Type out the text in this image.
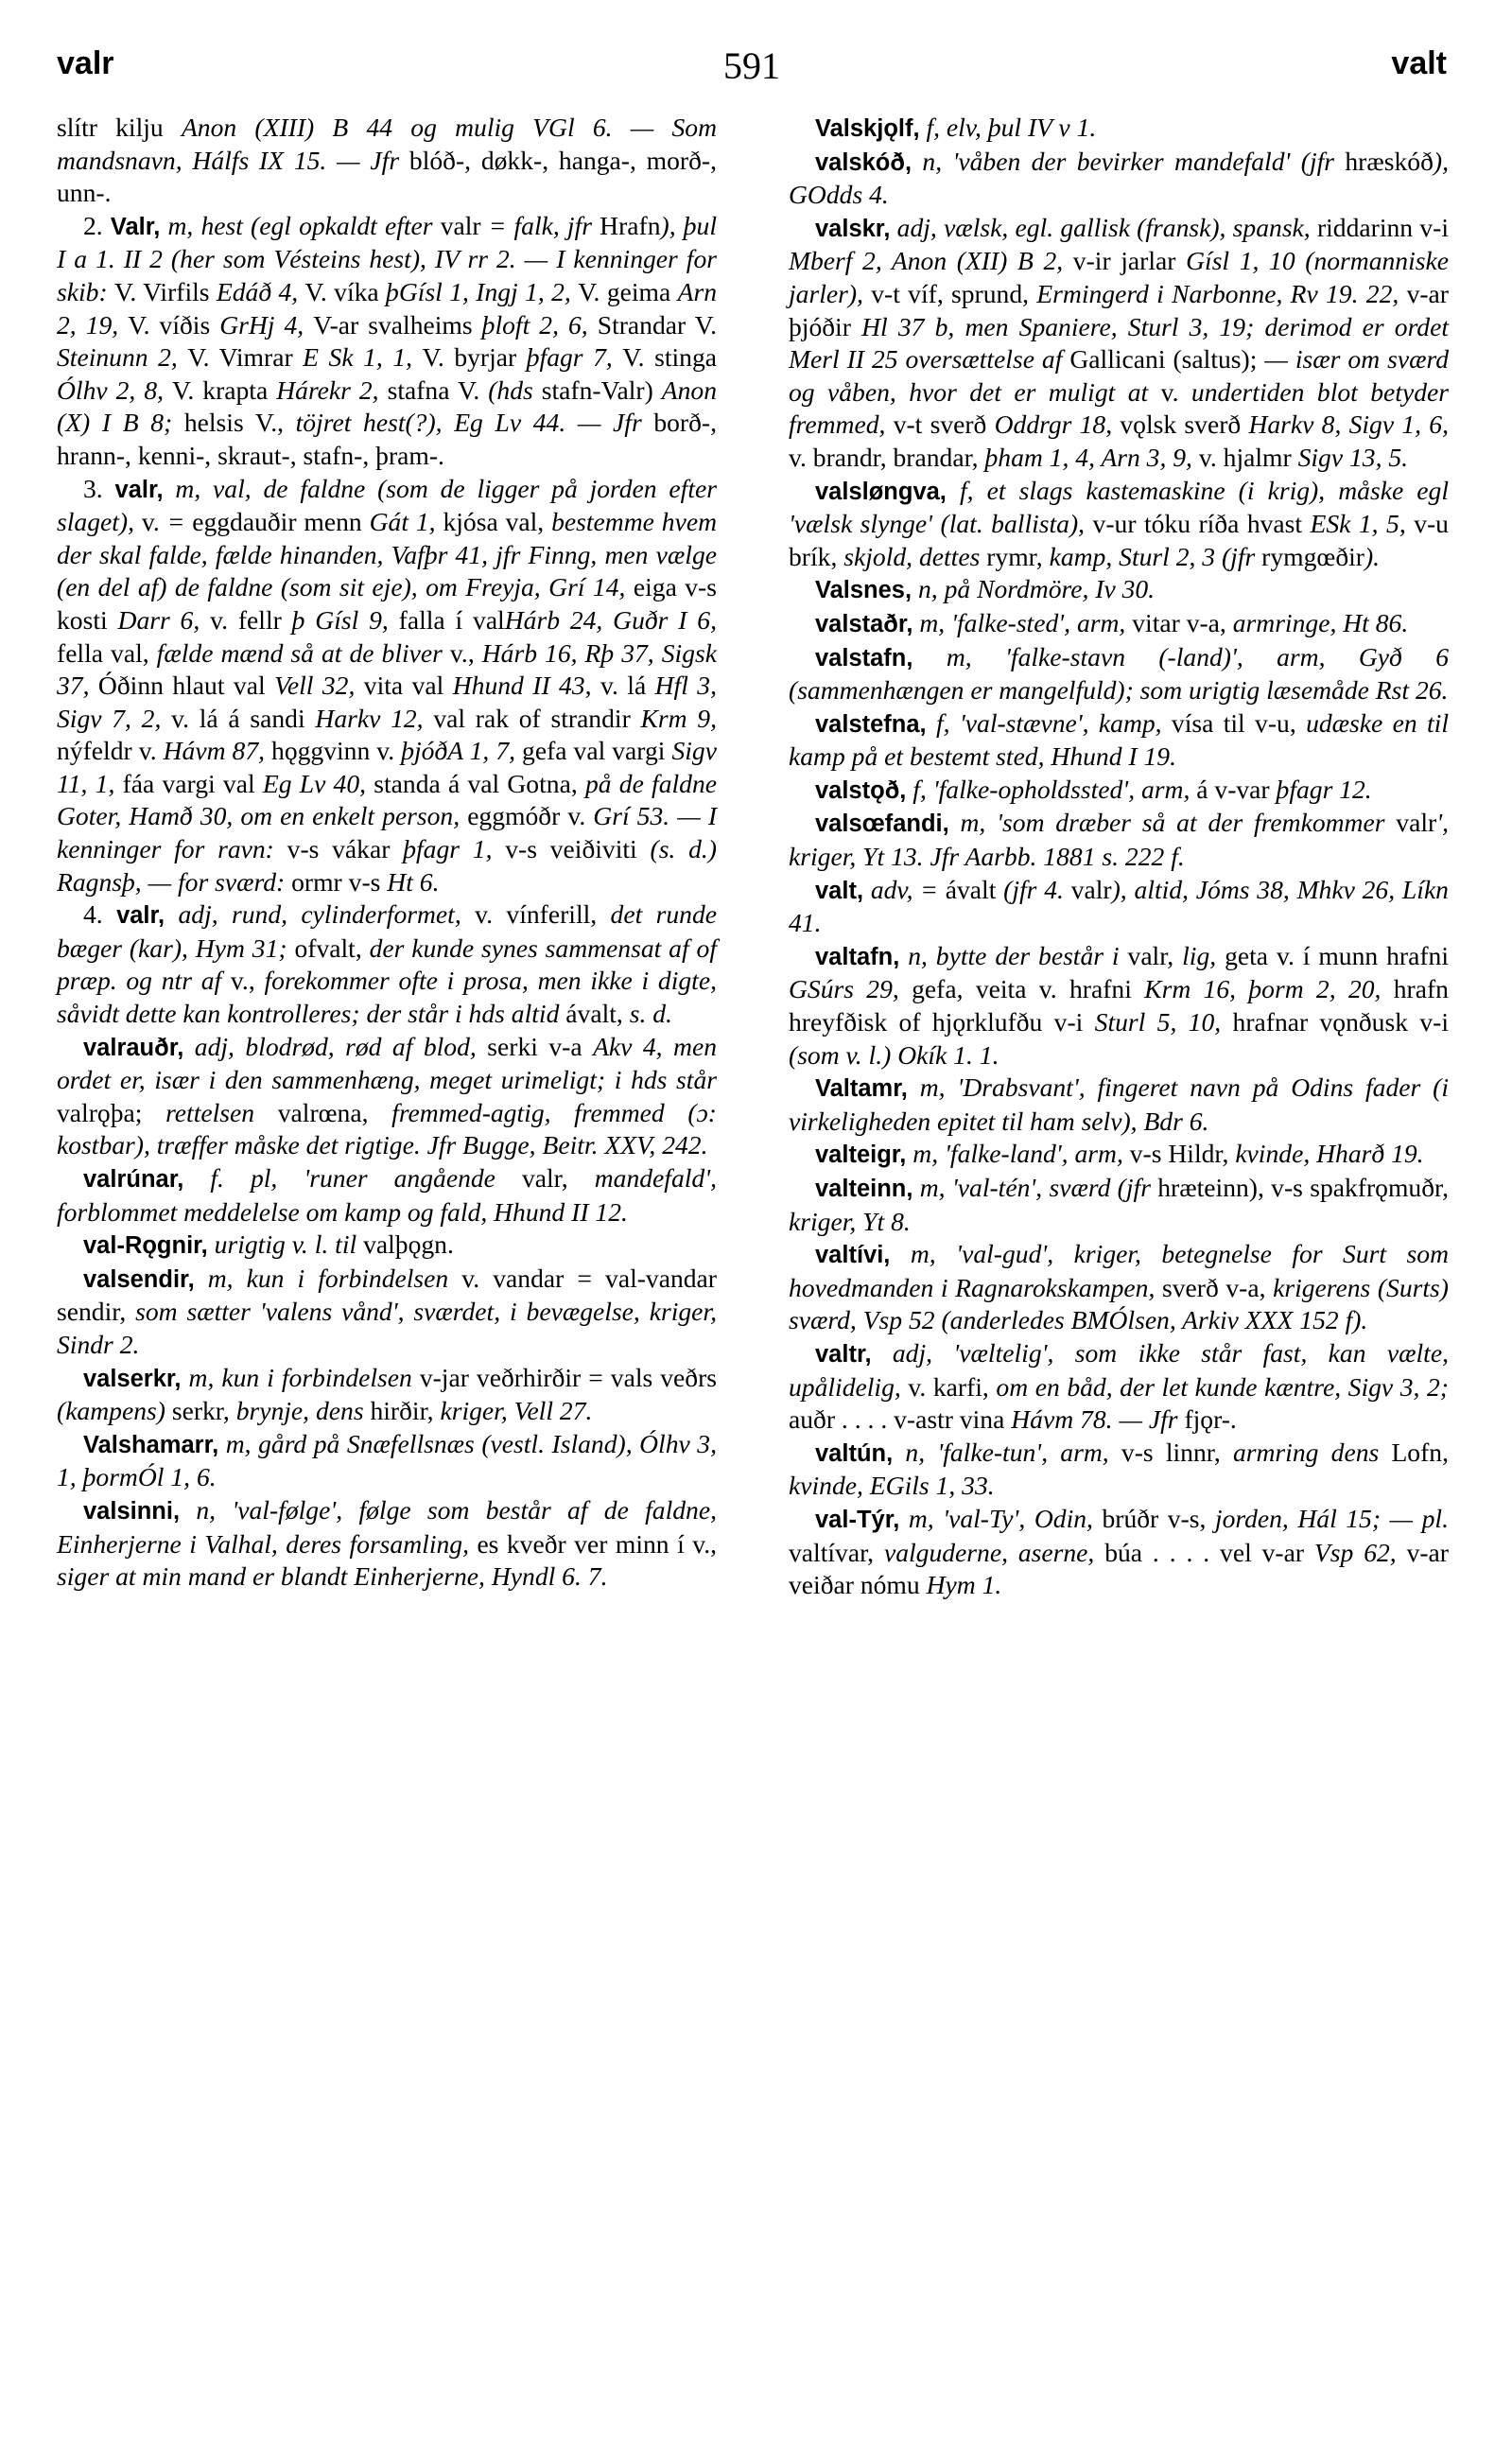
valr	591	valt

slítr kilju Anon (XIII) B 44 og mulig VGl 6. — Som mandsnavn, Hálfs IX 15. — Jfr blóð-, døkk-, hanga-, morð-, unn-.

2. Valr, m, hest (egl opkaldt efter valr = falk, jfr Hrafn), þul I a 1. II 2 (her som Vésteins hest), IV rr 2. — I kenninger for skib: V. Virfils Edáð 4, V. víka þGísl 1, Ingj 1, 2, V. geima Arn 2, 19, V. víðis GrHj 4, V-ar svalheims þloft 2, 6, Strandar V. Steinunn 2, V. Vimrar E Sk 1, 1, V. byrjar þfagr 7, V. stinga Ólhv 2, 8, V. krapta Hárekr 2, stafna V. (hds stafn-Valr) Anon (X) I B 8; helsis V., töjret hest(?), Eg Lv 44. — Jfr borð-, hrann-, kenni-, skraut-, stafn-, þram-.

3. valr, m, val, de faldne (som de ligger på jorden efter slaget), v. = eggdauðir menn Gát 1, kjósa val, bestemme hvem der skal falde, fælde hinanden, Vafþr 41, jfr Finng, men vælge (en del af) de faldne (som sit eje), om Freyja, Grí 14, eiga v-s kosti Darr 6, v. fellr þ Gísl 9, falla í valHárb 24, Guðr I 6, fella val, fælde mænd så at de bliver v., Hárb 16, Rþ 37, Sigsk 37, Óðinn hlaut val Vell 32, vita val Hhund II 43, v. lá Hfl 3, Sigv 7, 2, v. lá á sandi Harkv 12, val rak of strandir Krm 9, nýfeldr v. Hávm 87, hǫggvinn v. þjóðA 1, 7, gefa val vargi Sigv 11, 1, fáa vargi val Eg Lv 40, standa á val Gotna, på de faldne Goter, Hamð 30, om en enkelt person, eggmóðr v. Grí 53. — I kenninger for ravn: v-s vákar þfagr 1, v-s veiðiviti (s. d.) Ragnsþ, — for sværd: ormr v-s Ht 6.

4. valr, adj, rund, cylinderformet, v. vínferill, det runde bæger (kar), Hym 31; ofvalt, der kunde synes sammensat af of præp. og ntr af v., forekommer ofte i prosa, men ikke i digte, såvidt dette kan kontrolleres; der står i hds altid ávalt, s. d.

valrauðr, adj, blodrød, rød af blod, serki v-a Akv 4, men ordet er, især i den sammenhæng, meget urimeligt; i hds står valrǫþa; rettelsen valrœna, fremmed-agtig, fremmed (ɔ: kostbar), træffer måske det rigtige. Jfr Bugge, Beitr. XXV, 242.

valrúnar, f. pl, 'runer angående valr, mandefald', forblommet meddelelse om kamp og fald, Hhund II 12.

val-Rǫgnir, urigtig v. l. til valþǫgn.

valsendir, m, kun i forbindelsen v. vandar = val-vandar sendir, som sætter 'valens vånd', sværdet, i bevægelse, kriger, Sindr 2.

valserkr, m, kun i forbindelsen v-jar veðrhirðir = vals veðrs (kampens) serkr, brynje, dens hirðir, kriger, Vell 27.

Valshamarr, m, gård på Snæfellsnæs (vestl. Island), Ólhv 3, 1, þormÓl 1, 6.

valsinni, n, 'val-følge', følge som består af de faldne, Einherjerne i Valhal, deres forsamling, es kveðr ver minn í v., siger at min mand er blandt Einherjerne, Hyndl 6. 7.

Valskjǫlf, f, elv, þul IV v 1.

valskóð, n, 'våben der bevirker mandefald' (jfr hræskóð), GOdds 4.

valskr, adj, vælsk, egl. gallisk (fransk), spansk, riddarinn v-i Mberf 2, Anon (XII) B 2, v-ir jarlar Gísl 1, 10 (normanniske jarler), v-t víf, sprund, Ermingerd i Narbonne, Rv 19. 22, v-ar þjóðir Hl 37 b, men Spaniere, Sturl 3, 19; derimod er ordet Merl II 25 oversættelse af Gallicani (saltus); — især om sværd og våben, hvor det er muligt at v. undertiden blot betyder fremmed, v-t sverð Oddrgr 18, vǫlsk sverð Harkv 8, Sigv 1, 6, v. brandr, brandar, þham 1, 4, Arn 3, 9, v. hjalmr Sigv 13, 5.

valsløngva, f, et slags kastemaskine (i krig), måske egl 'vælsk slynge' (lat. ballista), v-ur tóku ríða hvast ESk 1, 5, v-u brík, skjold, dettes rymr, kamp, Sturl 2, 3 (jfr rymgœðir).

Valsnes, n, på Nordmöre, Iv 30.

valstaðr, m, 'falke-sted', arm, vitar v-a, armringe, Ht 86.

valstafn, m, 'falke-stavn (-land)', arm, Gyð 6 (sammenhængen er mangelfuld); som urigtig læsemåde Rst 26.

valstefna, f, 'val-stævne', kamp, vísa til v-u, udæske en til kamp på et bestemt sted, Hhund I 19.

valstǫð, f, 'falke-opholdssted', arm, á v-var þfagr 12.

valsœfandi, m, 'som dræber så at der fremkommer valr', kriger, Yt 13. Jfr Aarbb. 1881 s. 222 f.

valt, adv, = ávalt (jfr 4. valr), altid, Jóms 38, Mhkv 26, Líkn 41.

valtafn, n, bytte der består i valr, lig, geta v. í munn hrafni GSúrs 29, gefa, veita v. hrafni Krm 16, þorm 2, 20, hrafn hreyfðisk of hjǫrklufðu v-i Sturl 5, 10, hrafnar vǫnðusk v-i (som v. l.) Okík 1. 1.

Valtamr, m, 'Drabsvant', fingeret navn på Odins fader (i virkeligheden epitet til ham selv), Bdr 6.

valteigr, m, 'falke-land', arm, v-s Hildr, kvinde, Hharð 19.

valteinn, m, 'val-tén', sværd (jfr hræteinn), v-s spakfrǫmuðr, kriger, Yt 8.

valtívi, m, 'val-gud', kriger, betegnelse for Surt som hovedmanden i Ragnarokskampen, sverð v-a, krigerens (Surts) sværd, Vsp 52 (anderledes BMÓlsen, Arkiv XXX 152 f).

valtr, adj, 'væltelig', som ikke står fast, kan vælte, upålidelig, v. karfi, om en båd, der let kunde kæntre, Sigv 3, 2; auðr . . . . v-astr vina Hávm 78. — Jfr fjǫr-.

valtún, n, 'falke-tun', arm, v-s linnr, armring dens Lofn, kvinde, EGils 1, 33.

val-Týr, m, 'val-Ty', Odin, brúðr v-s, jorden, Hál 15; — pl. valtívar, valguderne, aserne, búa . . . . vel v-ar Vsp 62, v-ar veiðar nómu Hym 1.
